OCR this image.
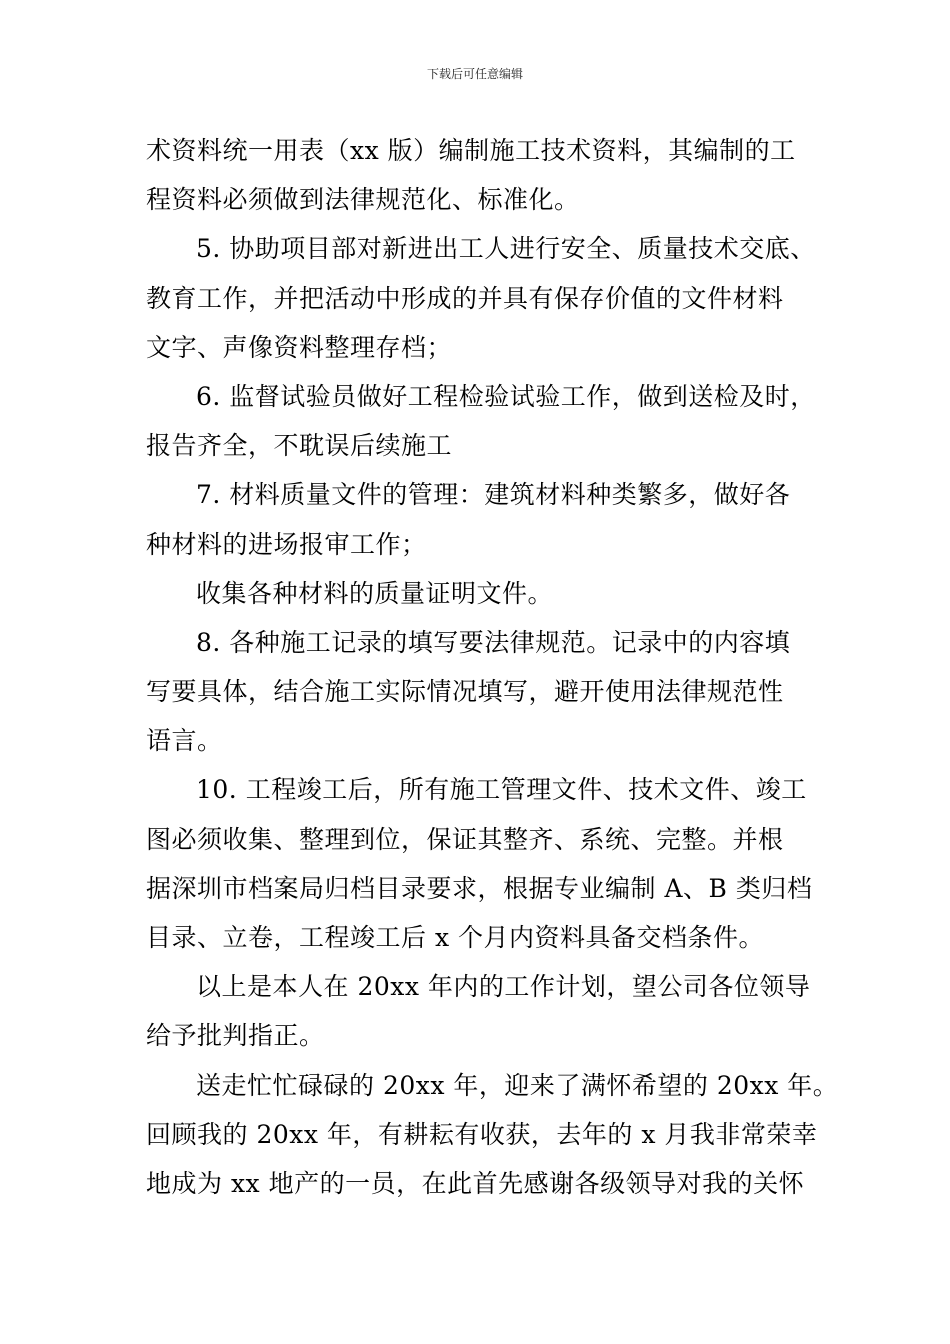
下载后可任意编辑
术资料统一用表（xx 版）编制施工技术资料，其编制的工
程资料必须做到法律规范化、标准化。
5. 协助项目部对新进出工人进行安全、质量技术交底、
教育工作，并把活动中形成的并具有保存价值的文件材料
文字、声像资料整理存档；
6. 监督试验员做好工程检验试验工作，做到送检及时，
报告齐全，不耽误后续施工
7. 材料质量文件的管理：建筑材料种类繁多，做好各
种材料的进场报审工作；
收集各种材料的质量证明文件。
8. 各种施工记录的填写要法律规范。记录中的内容填
写要具体，结合施工实际情况填写，避开使用法律规范性
语言。
10. 工程竣工后，所有施工管理文件、技术文件、竣工
图必须收集、整理到位，保证其整齐、系统、完整。并根
据深圳市档案局归档目录要求，根据专业编制 A、B 类归档
目录、立卷，工程竣工后 x 个月内资料具备交档条件。
以上是本人在 20xx 年内的工作计划，望公司各位领导
给予批判指正。
送走忙忙碌碌的 20xx 年，迎来了满怀希望的 20xx 年。
回顾我的 20xx 年，有耕耘有收获，去年的 x 月我非常荣幸
地成为 xx 地产的一员，在此首先感谢各级领导对我的关怀
